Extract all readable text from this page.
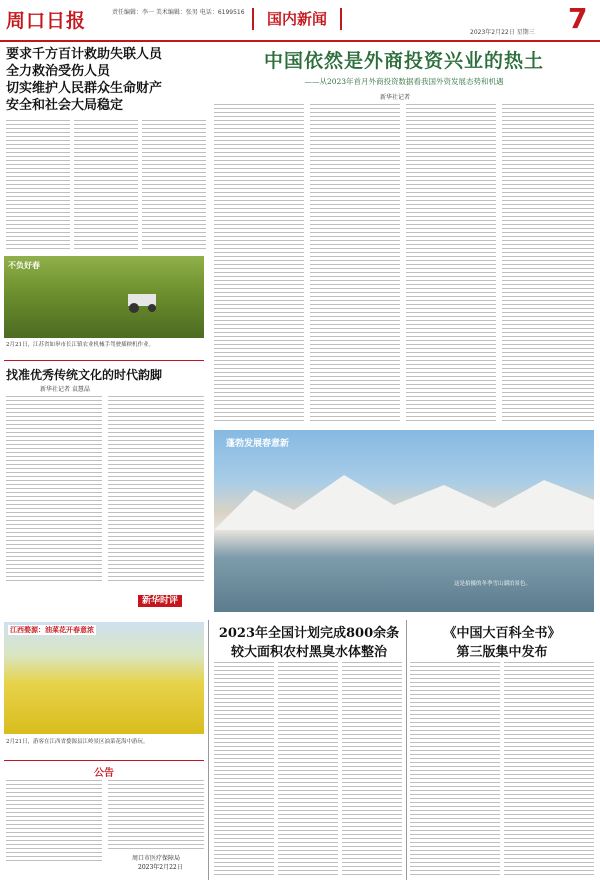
周口日报	责任编辑：李一 美术编辑：张男 电话：6199516	国内新闻
2023年2月22日 星期三 7
要求千方百计救助失联人员
全力救治受伤人员
切实维护人民群众生命财产
安全和社会大局稳定
不负好春
2月21日，江苏省如皋市长江镇农业机械手驾驶插秧机作业。
找准优秀传统文化的时代韵脚
新华社记者 袁慧晶
新华时评
中国依然是外商投资兴业的热土
——从2023年首月外商投资数据看我国外资发展态势和机遇
新华社记者
蓬勃发展春意新
这是拍摄的冬季雪山湖泊景色。
江西婺源：油菜花开春意浓
2月21日，游客在江西省婺源县江岭景区油菜花海中游玩。
公告
周口市医疗保障局
2023年2月22日
2023年全国计划完成800余条
较大面积农村黑臭水体整治
《中国大百科全书》
第三版集中发布
